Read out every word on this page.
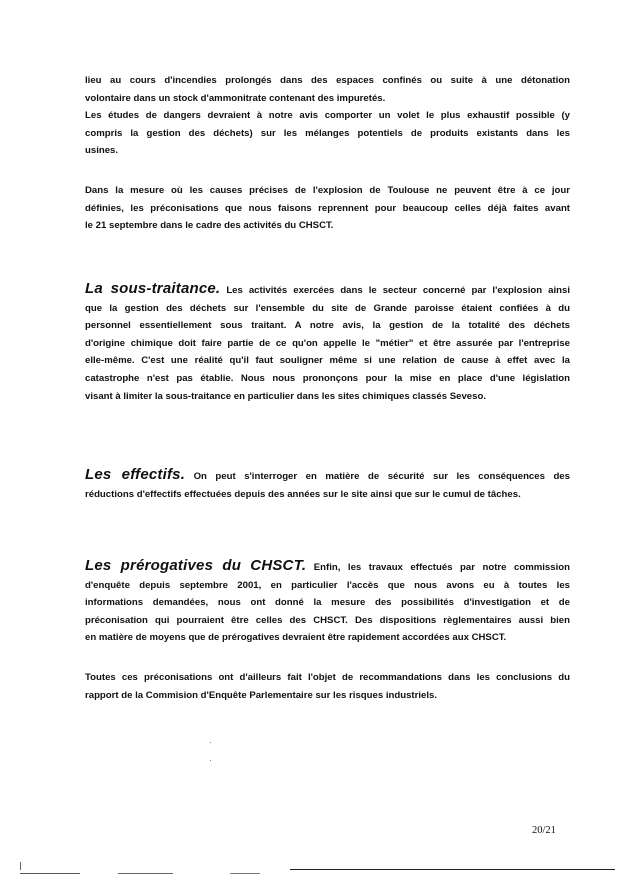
lieu au cours d'incendies prolongés dans des espaces confinés ou suite à une détonation
volontaire dans un stock d'ammonitrate contenant des impuretés.
Les études de dangers devraient à notre avis comporter un volet le plus exhaustif possible (y
compris la gestion des déchets) sur les mélanges potentiels de produits existants dans les
usines.
Dans la mesure où les causes précises de l'explosion de Toulouse ne peuvent être à ce jour
définies, les préconisations que nous faisons reprennent pour beaucoup celles déjà faites avant
le 21 septembre dans le cadre des activités du CHSCT.
La sous-traitance. Les activités exercées dans le secteur concerné par l'explosion ainsi
que la gestion des déchets sur l'ensemble du site de Grande paroisse étaient confiées à du
personnel essentiellement sous traitant. A notre avis, la gestion de la totalité des déchets
d'origine chimique doit faire partie de ce qu'on appelle le "métier" et être assurée par l'entreprise
elle-même. C'est une réalité qu'il faut souligner même si une relation de cause à effet avec la
catastrophe n'est pas établie. Nous nous prononçons pour la mise en place d'une législation
visant à limiter la sous-traitance en particulier dans les sites chimiques classés Seveso.
Les effectifs. On peut s'interroger en matière de sécurité sur les conséquences des
réductions d'effectifs effectuées depuis des années sur le site ainsi que sur le cumul de tâches.
Les prérogatives du CHSCT. Enfin, les travaux effectués par notre commission
d'enquête depuis septembre 2001, en particulier l'accès que nous avons eu à toutes les
informations demandées, nous ont donné la mesure des possibilités d'investigation et de
préconisation qui pourraient être celles des CHSCT. Des dispositions règlementaires aussi bien
en matière de moyens que de prérogatives devraient être rapidement accordées aux CHSCT.
Toutes ces préconisations ont d'ailleurs fait l'objet de recommandations dans les conclusions du
rapport de la Commision d'Enquête Parlementaire sur les risques industriels.
20/21
